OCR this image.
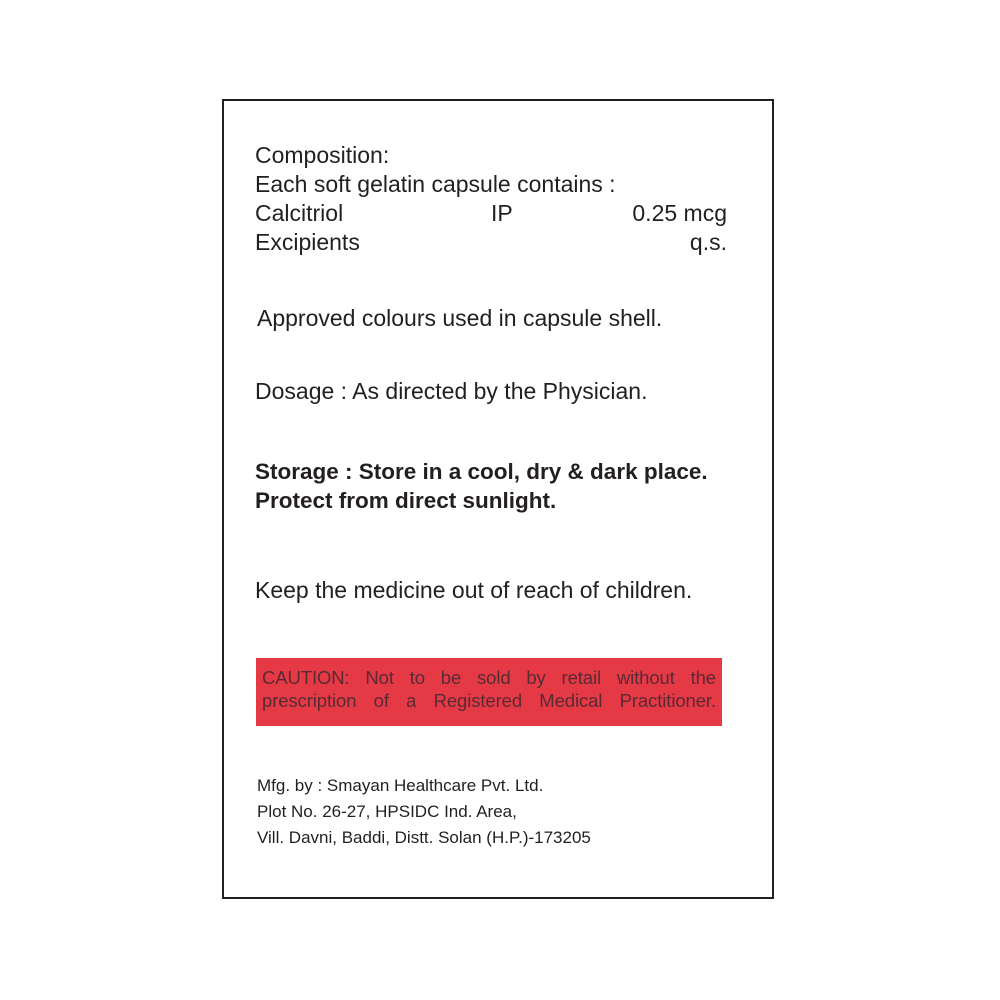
Composition:
Each soft gelatin capsule contains :
Calcitriol	IP	0.25 mcg
Excipients	q.s.
Approved colours used in capsule shell.
Dosage : As directed by the Physician.
Storage : Store in a cool, dry & dark place. Protect from direct sunlight.
Keep the medicine out of reach of children.
CAUTION: Not to be sold by retail without the
prescription of a Registered Medical Practitioner.
Mfg. by : Smayan Healthcare Pvt. Ltd.
Plot No. 26-27, HPSIDC Ind. Area,
Vill. Davni, Baddi, Distt. Solan (H.P.)-173205
